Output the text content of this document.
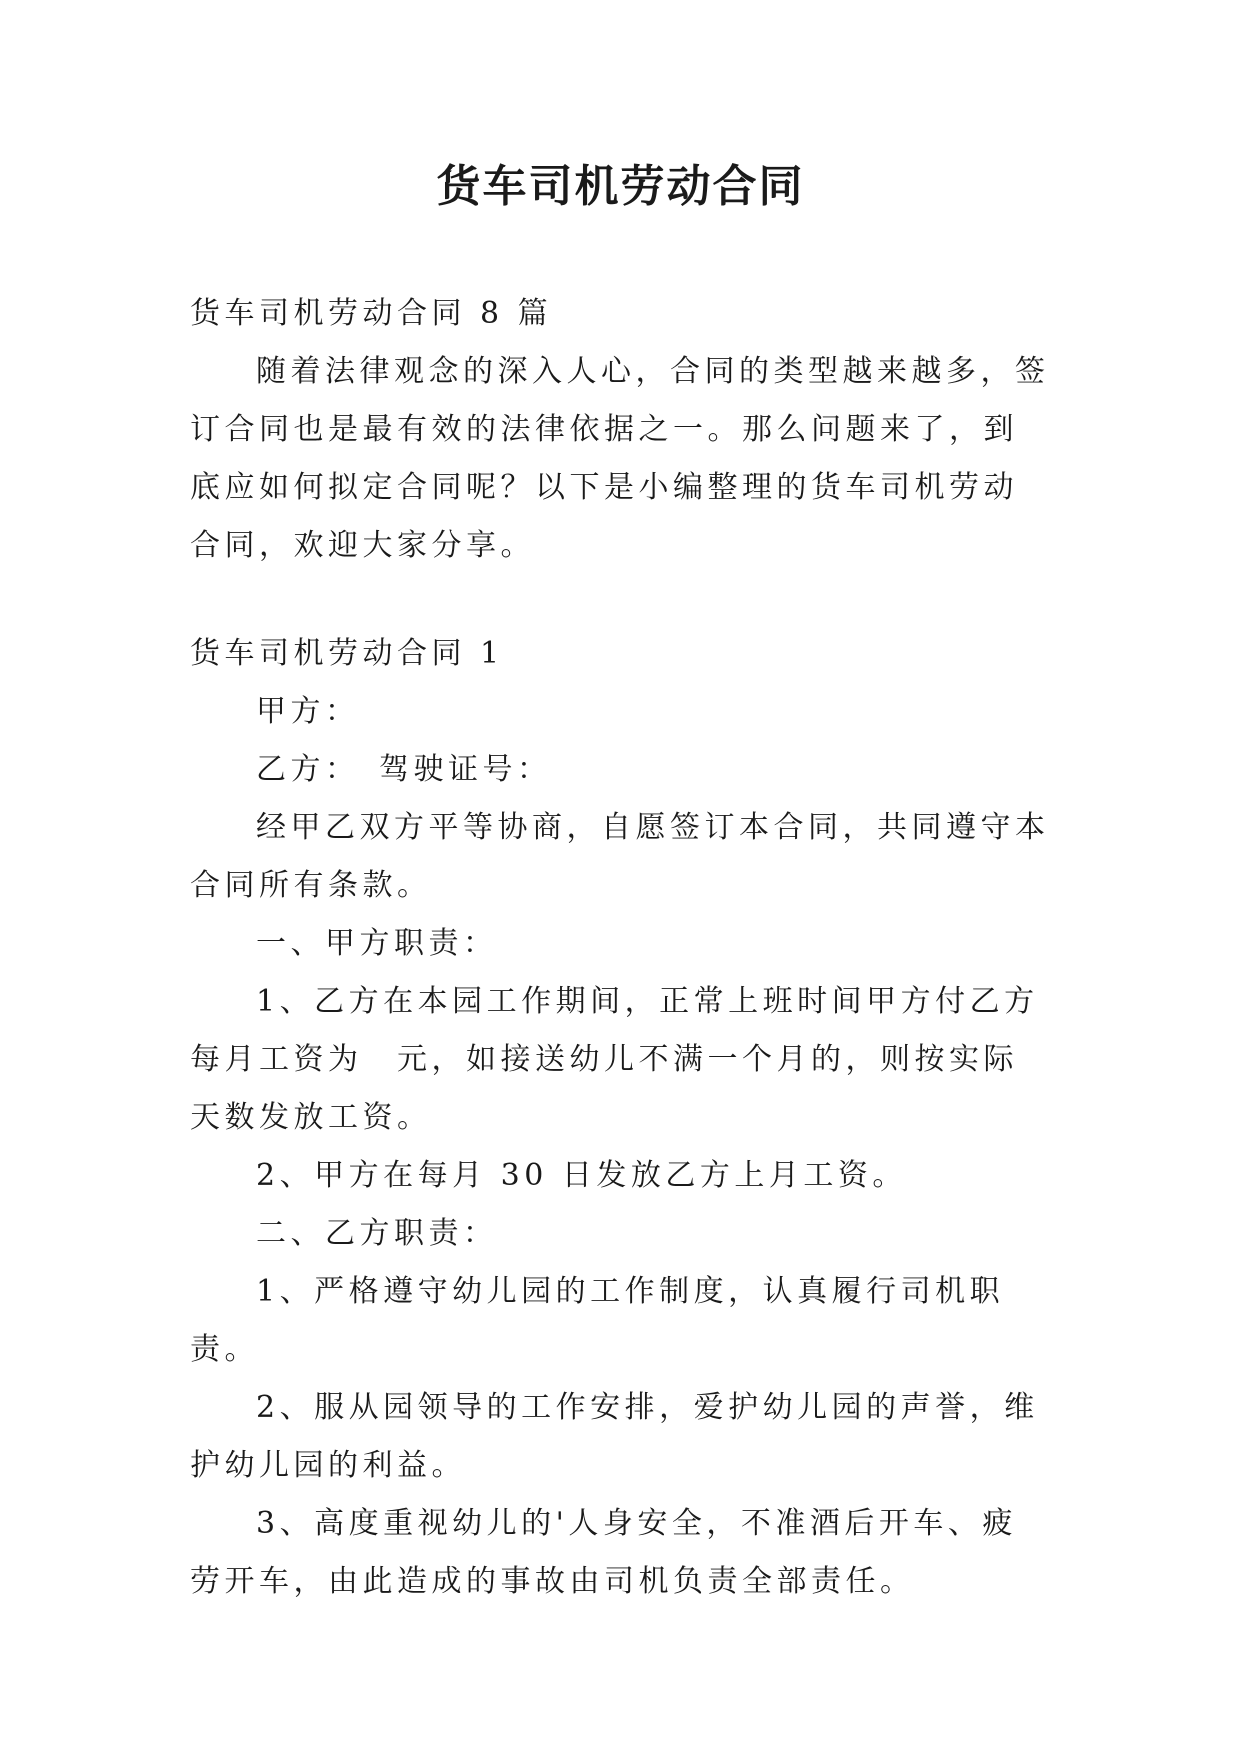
货车司机劳动合同

货车司机劳动合同 8 篇

随着法律观念的深入人心，合同的类型越来越多，签订合同也是最有效的法律依据之一。那么问题来了，到底应如何拟定合同呢？以下是小编整理的货车司机劳动合同，欢迎大家分享。

货车司机劳动合同 1

甲方：

乙方：　驾驶证号：

经甲乙双方平等协商，自愿签订本合同，共同遵守本合同所有条款。

一、甲方职责：

1、乙方在本园工作期间，正常上班时间甲方付乙方每月工资为　元，如接送幼儿不满一个月的，则按实际天数发放工资。

2、甲方在每月 30 日发放乙方上月工资。

二、乙方职责：

1、严格遵守幼儿园的工作制度，认真履行司机职责。

2、服从园领导的工作安排，爱护幼儿园的声誉，维护幼儿园的利益。

3、高度重视幼儿的'人身安全，不准酒后开车、疲劳开车，由此造成的事故由司机负责全部责任。
